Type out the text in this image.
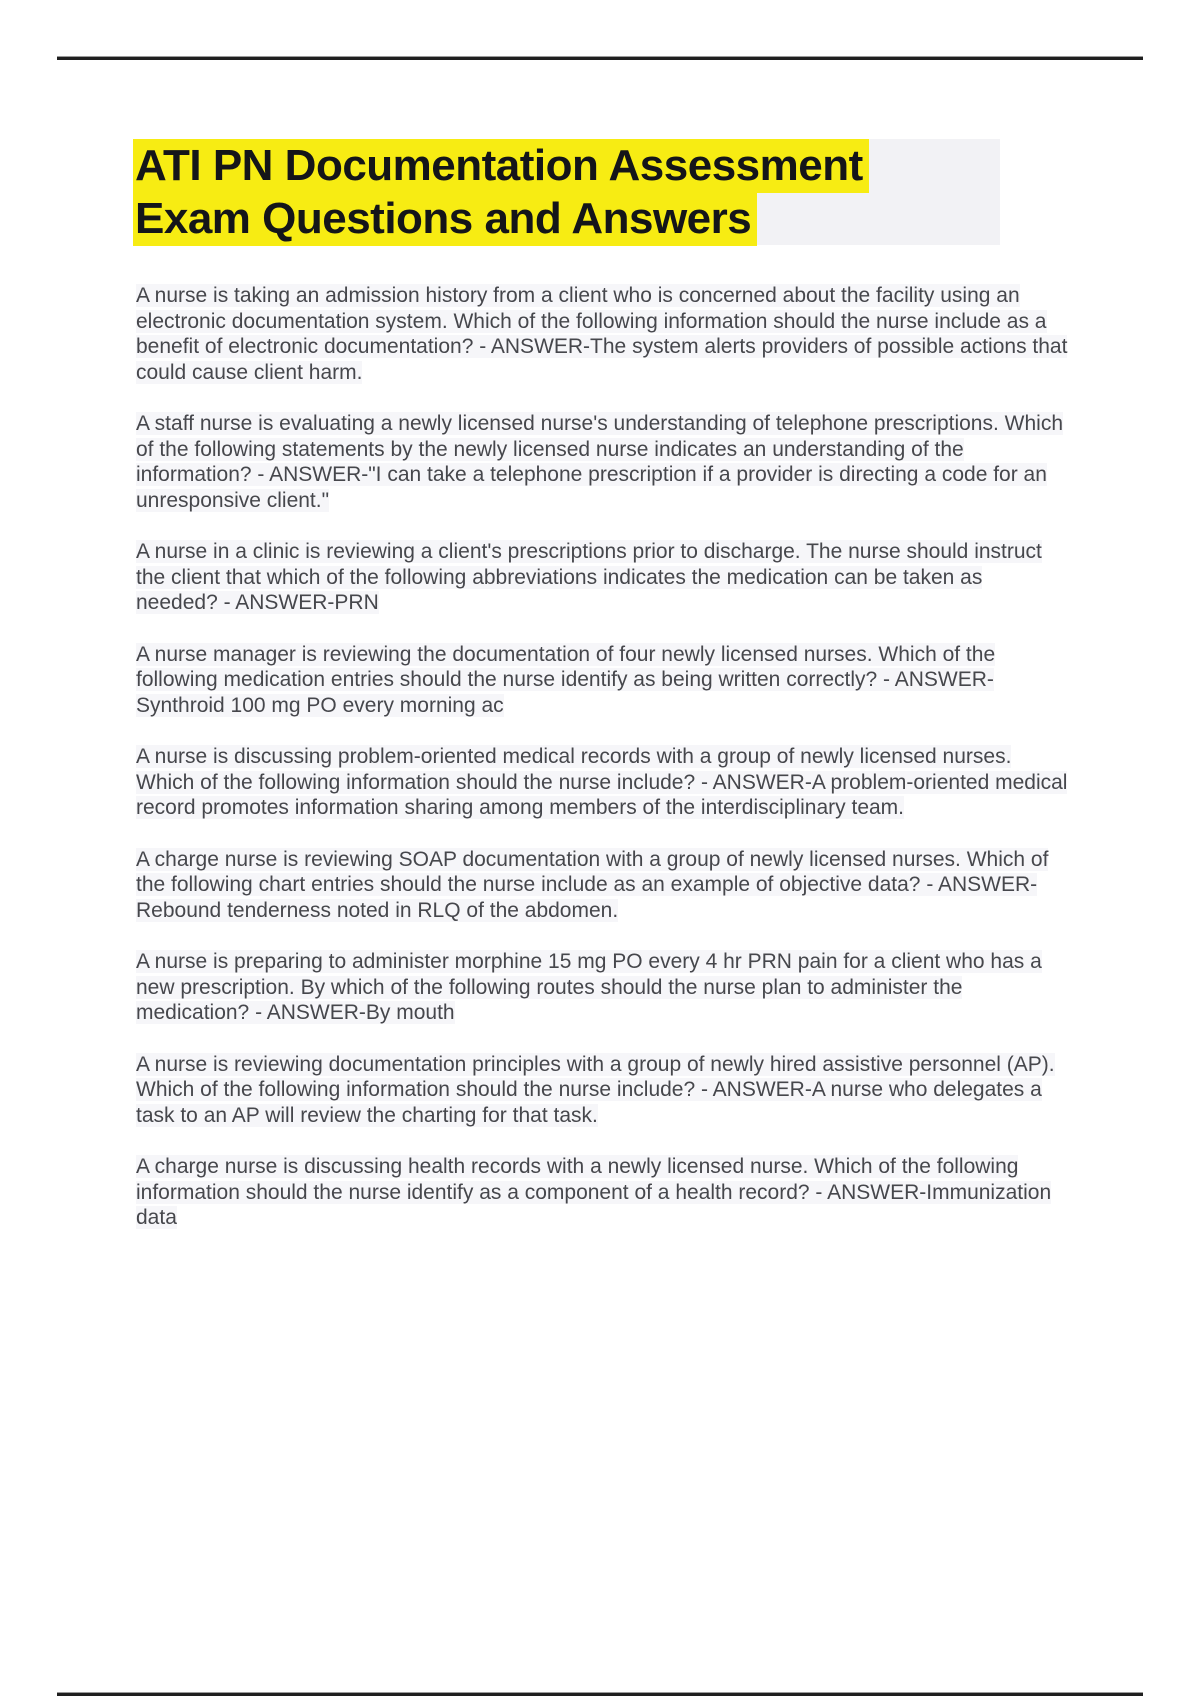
ATI PN Documentation Assessment
Exam Questions and Answers

A nurse is taking an admission history from a client who is concerned about the facility using an electronic documentation system. Which of the following information should the nurse include as a benefit of electronic documentation? - ANSWER-The system alerts providers of possible actions that could cause client harm.

A staff nurse is evaluating a newly licensed nurse's understanding of telephone prescriptions. Which of the following statements by the newly licensed nurse indicates an understanding of the information? - ANSWER-"I can take a telephone prescription if a provider is directing a code for an unresponsive client."

A nurse in a clinic is reviewing a client's prescriptions prior to discharge. The nurse should instruct the client that which of the following abbreviations indicates the medication can be taken as needed? - ANSWER-PRN

A nurse manager is reviewing the documentation of four newly licensed nurses. Which of the following medication entries should the nurse identify as being written correctly? - ANSWER-Synthroid 100 mg PO every morning ac

A nurse is discussing problem-oriented medical records with a group of newly licensed nurses. Which of the following information should the nurse include? - ANSWER-A problem-oriented medical record promotes information sharing among members of the interdisciplinary team.

A charge nurse is reviewing SOAP documentation with a group of newly licensed nurses. Which of the following chart entries should the nurse include as an example of objective data? - ANSWER-Rebound tenderness noted in RLQ of the abdomen.

A nurse is preparing to administer morphine 15 mg PO every 4 hr PRN pain for a client who has a new prescription. By which of the following routes should the nurse plan to administer the medication? - ANSWER-By mouth

A nurse is reviewing documentation principles with a group of newly hired assistive personnel (AP). Which of the following information should the nurse include? - ANSWER-A nurse who delegates a task to an AP will review the charting for that task.

A charge nurse is discussing health records with a newly licensed nurse. Which of the following information should the nurse identify as a component of a health record? - ANSWER-Immunization data
